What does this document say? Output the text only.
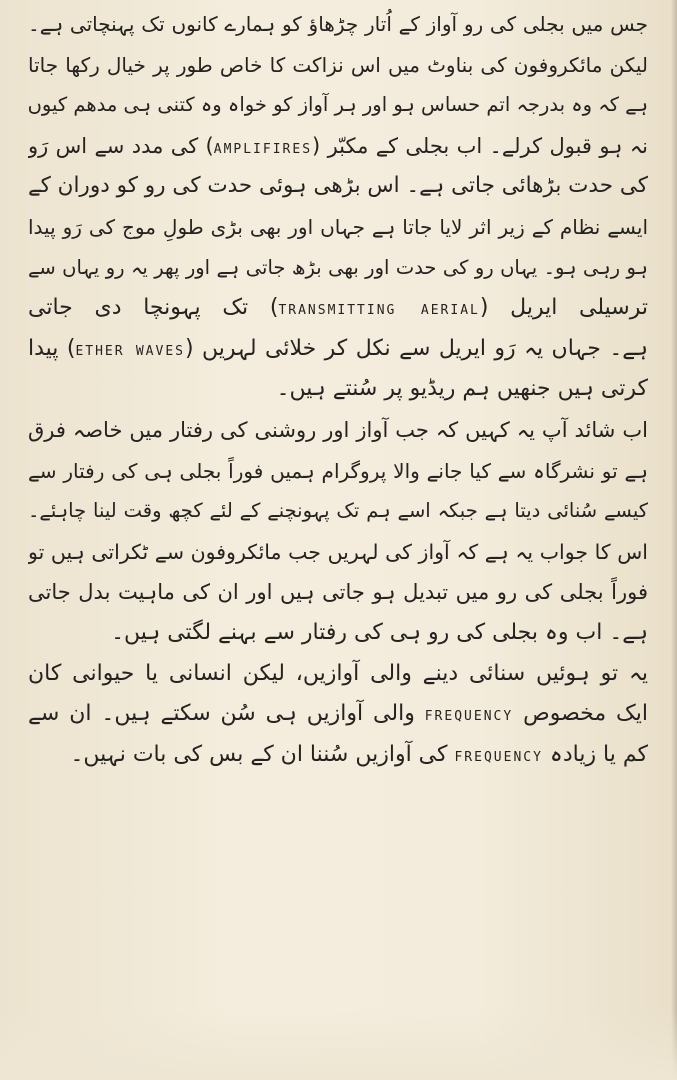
جس میں بجلی کی رو آواز کے اُتار چڑھاؤ کو ہمارے کانوں تک پہنچاتی ہے۔
لیکن مائکروفون کی بناوٹ میں اس نزاکت کا خاص طور پر خیال رکھا جاتا
ہے کہ وہ بدرجہ اتم حساس ہو اور ہر آواز کو خواہ وہ کتنی ہی مدھم کیوں
نہ ہو قبول کرلے۔ اب بجلی کے مکبّر (AMPLIFIRES) کی مدد سے اس رَو
کی حدت بڑھائی جاتی ہے۔ اس بڑھی ہوئی حدت کی رو کو دوران کے
ایسے نظام کے زیر اثر لایا جاتا ہے جہاں اور بھی بڑی طولِ موج کی رَو پیدا
ہو رہی ہو۔ یہاں رو کی حدت اور بھی بڑھ جاتی ہے اور پھر یہ رو یہاں سے
ترسیلی ایریل (TRANSMITTING AERIAL) تک پہونچا دی جاتی
ہے۔ جہاں یہ رَو ایریل سے نکل کر خلائی لہریں (ETHER WAVES) پیدا
کرتی ہیں جنھیں ہم ریڈیو پر سُنتے ہیں۔
اب شائد آپ یہ کہیں کہ جب آواز اور روشنی کی رفتار میں خاصہ فرق
ہے تو نشرگاہ سے کیا جانے والا پروگرام ہمیں فوراً بجلی ہی کی رفتار سے
کیسے سُنائی دیتا ہے جبکہ اسے ہم تک پہونچنے کے لئے کچھ وقت لینا چاہئے۔
اس کا جواب یہ ہے کہ آواز کی لہریں جب مائکروفون سے ٹکراتی ہیں تو
فوراً بجلی کی رو میں تبدیل ہو جاتی ہیں اور ان کی ماہیت بدل جاتی
ہے۔ اب وہ بجلی کی رو ہی کی رفتار سے بہنے لگتی ہیں۔
یہ تو ہوئیں سنائی دینے والی آوازیں، لیکن انسانی یا حیوانی کان
ایک مخصوص FREQUENCY والی آوازیں ہی سُن سکتے ہیں۔ ان سے
کم یا زیادہ FREQUENCY کی آوازیں سُننا ان کے بس کی بات نہیں۔
